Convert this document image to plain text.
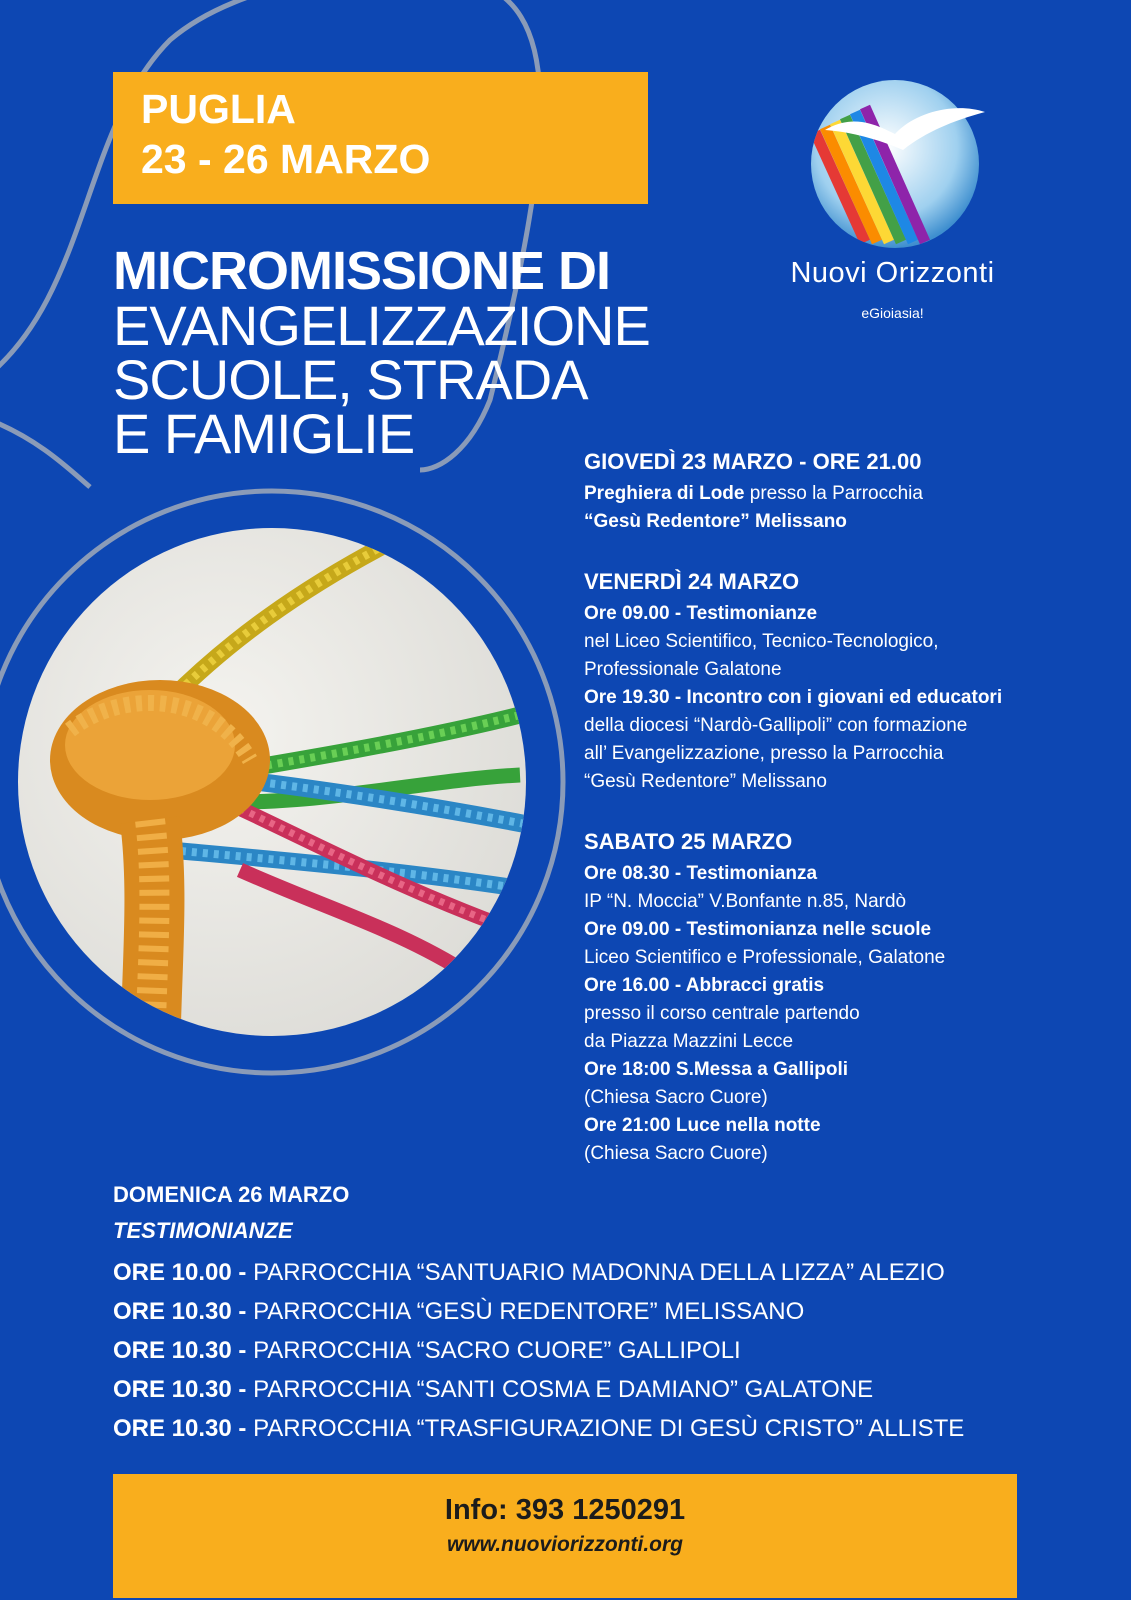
PUGLIA
23 - 26 MARZO
Nuovi Orizzonti
eGioiasia!
MICROMISSIONE DI
EVANGELIZZAZIONE
SCUOLE, STRADA
E FAMIGLIE	GIOVEDÌ 23 MARZO - ORE 21.00
Preghiera di Lode presso la Parrocchia
“Gesù Redentore” Melissano
VENERDÌ 24 MARZO
Ore 09.00 - Testimonianze
nel Liceo Scientifico, Tecnico-Tecnologico,
Professionale Galatone
Ore 19.30 - Incontro con i giovani ed educatori
della diocesi “Nardò-Gallipoli” con formazione
all’ Evangelizzazione, presso la Parrocchia
“Gesù Redentore” Melissano
SABATO 25 MARZO
Ore 08.30 - Testimonianza
IP “N. Moccia” V.Bonfante n.85, Nardò
Ore 09.00 - Testimonianza nelle scuole
Liceo Scientifico e Professionale, Galatone
Ore 16.00 - Abbracci gratis
presso il corso centrale partendo
da Piazza Mazzini Lecce
Ore 18:00 S.Messa a Gallipoli
(Chiesa Sacro Cuore)
Ore 21:00 Luce nella notte
(Chiesa Sacro Cuore)
DOMENICA 26 MARZO
TESTIMONIANZE
ORE 10.00 - PARROCCHIA “SANTUARIO MADONNA DELLA LIZZA” ALEZIO
ORE 10.30 - PARROCCHIA “GESÙ REDENTORE” MELISSANO
ORE 10.30 - PARROCCHIA “SACRO CUORE” GALLIPOLI
ORE 10.30 - PARROCCHIA “SANTI COSMA E DAMIANO” GALATONE
ORE 10.30 - PARROCCHIA “TRASFIGURAZIONE DI GESÙ CRISTO” ALLISTE
Info: 393 1250291
www.nuoviorizzonti.org
